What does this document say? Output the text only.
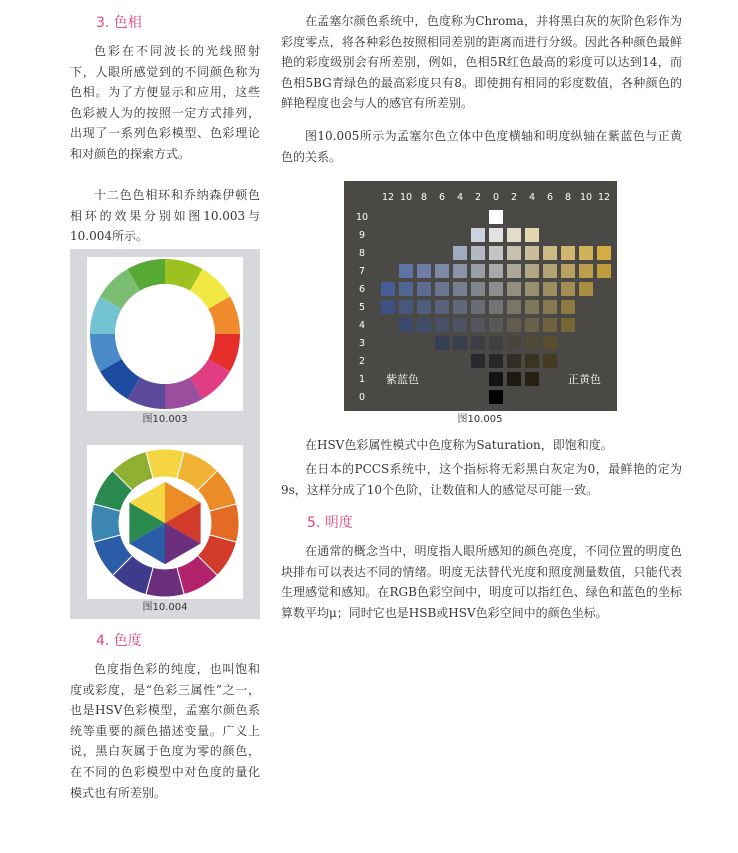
3. 色相

色彩在不同波长的光线照射下，人眼所感觉到的不同颜色称为色相。为了方便显示和应用，这些色彩被人为的按照一定方式排列，出现了一系列色彩模型、色彩理论和对颜色的探索方式。

十二色色相环和乔纳森伊顿色相环的效果分别如图10.003与10.004所示。

图10.003
图10.004
4. 色度

色度指色彩的纯度，也叫饱和度或彩度，是“色彩三属性”之一，也是HSV色彩模型，孟塞尔颜色系统等重要的颜色描述变量。广义上说，黑白灰属于色度为零的颜色，在不同的色彩模型中对色度的量化模式也有所差别。

在孟塞尔颜色系统中，色度称为Chroma，并将黑白灰的灰阶色彩作为彩度零点，将各种彩色按照相同差别的距离而进行分级。因此各种颜色最鲜艳的彩度级别会有所差别，例如，色相5R红色最高的彩度可以达到14，而色相5BG青绿色的最高彩度只有8。即使拥有相同的彩度数值，各种颜色的鲜艳程度也会与人的感官有所差别。

图10.005所示为孟塞尔色立体中色度横轴和明度纵轴在紫蓝色与正黄色的关系。

12 10 8 6 4 2 0 2 4 6 8 10 12
10
9
8
7
6
5
4
3
2
1
0
紫蓝色	正黄色
图10.005

在HSV色彩属性模式中色度称为Saturation，即饱和度。

在日本的PCCS系统中，这个指标将无彩黑白灰定为0，最鲜艳的定为9s，这样分成了10个色阶，让数值和人的感觉尽可能一致。

5. 明度

在通常的概念当中，明度指人眼所感知的颜色亮度，不同位置的明度色块排布可以表达不同的情绪。明度无法替代光度和照度测量数值，只能代表生理感觉和感知。在RGB色彩空间中，明度可以指红色、绿色和蓝色的坐标算数平均μ；同时它也是HSB或HSV色彩空间中的颜色坐标。
